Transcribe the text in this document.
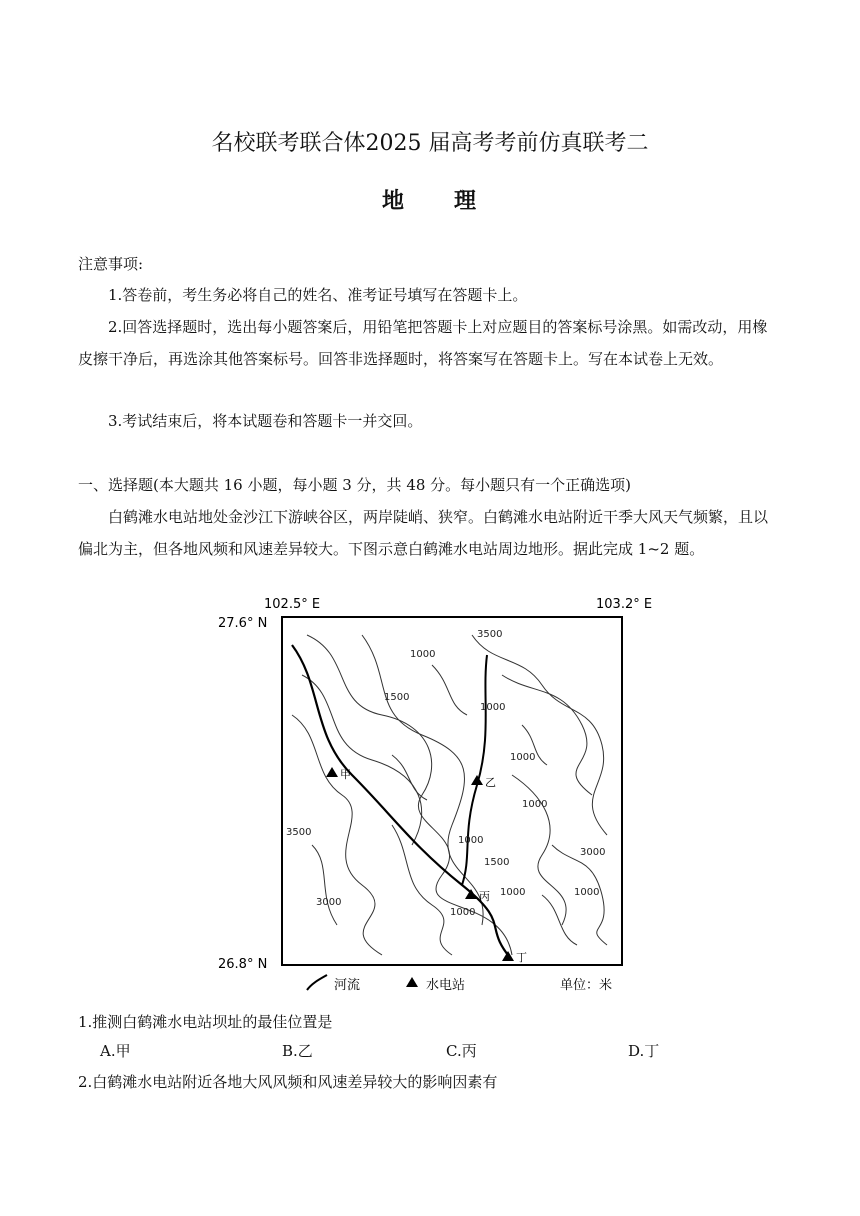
名校联考联合体2025 届高考考前仿真联考二
地 理
注意事项:
1.答卷前，考生务必将自己的姓名、准考证号填写在答题卡上。
2.回答选择题时，选出每小题答案后，用铅笔把答题卡上对应题目的答案标号涂黑。如需改动，用橡皮擦干净后，再选涂其他答案标号。回答非选择题时，将答案写在答题卡上。写在本试卷上无效。
3.考试结束后，将本试题卷和答题卡一并交回。
一、选择题(本大题共 16 小题，每小题 3 分，共 48 分。每小题只有一个正确选项)
白鹤滩水电站地处金沙江下游峡谷区，两岸陡峭、狭窄。白鹤滩水电站附近干季大风天气频繁，且以偏北为主，但各地风频和风速差异较大。下图示意白鹤滩水电站周边地形。据此完成 1~2 题。
102.5° E	103.2° E
27.6° N
26.8° N
3500
1000
1500
1000
1000
1000
3000
1000
3500
3000
1000
1500
1000
1000
甲
乙
丙
丁
河流	水电站	单位：米
1.推测白鹤滩水电站坝址的最佳位置是
A.甲	B.乙	C.丙	D.丁
2.白鹤滩水电站附近各地大风风频和风速差异较大的影响因素有
